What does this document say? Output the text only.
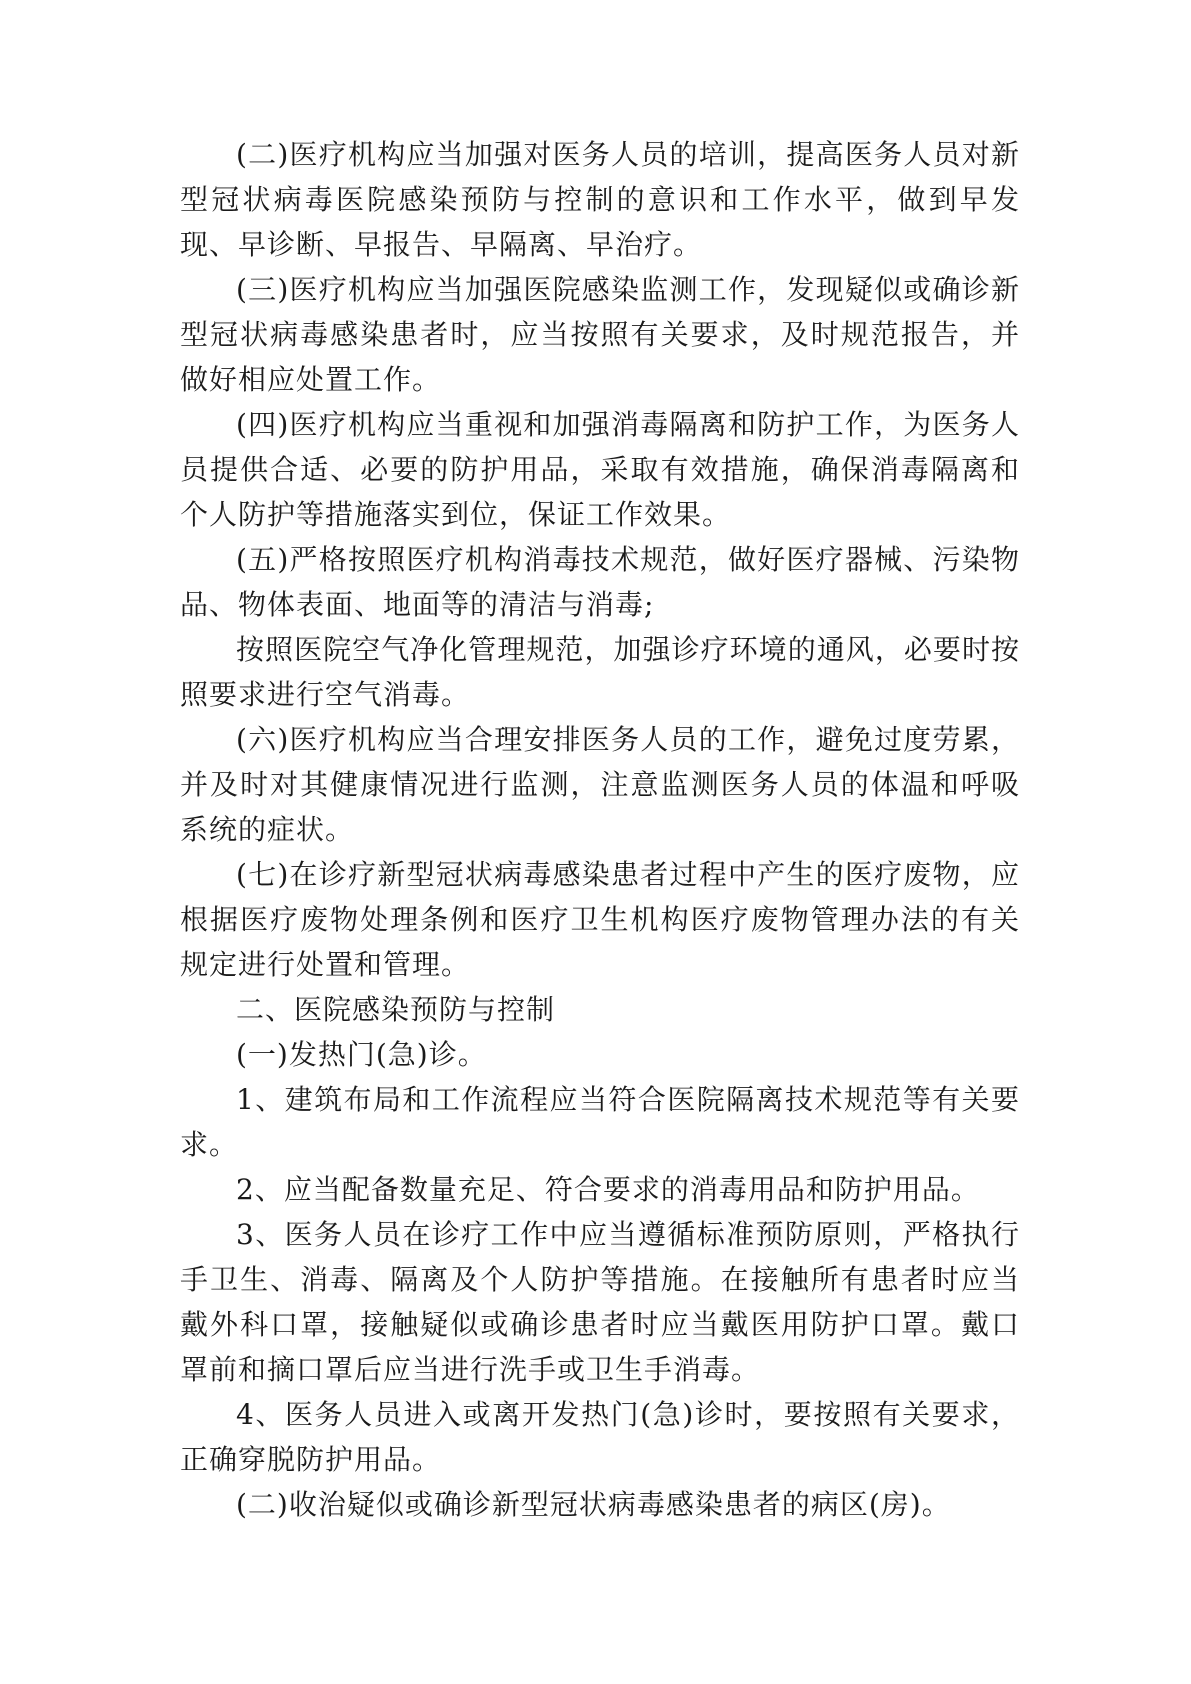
(二)医疗机构应当加强对医务人员的培训，提高医务人员对新型冠状病毒医院感染预防与控制的意识和工作水平，做到早发现、早诊断、早报告、早隔离、早治疗。

(三)医疗机构应当加强医院感染监测工作，发现疑似或确诊新型冠状病毒感染患者时，应当按照有关要求，及时规范报告，并做好相应处置工作。

(四)医疗机构应当重视和加强消毒隔离和防护工作，为医务人员提供合适、必要的防护用品，采取有效措施，确保消毒隔离和个人防护等措施落实到位，保证工作效果。

(五)严格按照医疗机构消毒技术规范，做好医疗器械、污染物品、物体表面、地面等的清洁与消毒;

按照医院空气净化管理规范，加强诊疗环境的通风，必要时按照要求进行空气消毒。

(六)医疗机构应当合理安排医务人员的工作，避免过度劳累，并及时对其健康情况进行监测，注意监测医务人员的体温和呼吸系统的症状。

(七)在诊疗新型冠状病毒感染患者过程中产生的医疗废物，应根据医疗废物处理条例和医疗卫生机构医疗废物管理办法的有关规定进行处置和管理。

二、医院感染预防与控制

(一)发热门(急)诊。

1、建筑布局和工作流程应当符合医院隔离技术规范等有关要求。

2、应当配备数量充足、符合要求的消毒用品和防护用品。

3、医务人员在诊疗工作中应当遵循标准预防原则，严格执行手卫生、消毒、隔离及个人防护等措施。在接触所有患者时应当戴外科口罩，接触疑似或确诊患者时应当戴医用防护口罩。戴口罩前和摘口罩后应当进行洗手或卫生手消毒。

4、医务人员进入或离开发热门(急)诊时，要按照有关要求，正确穿脱防护用品。

(二)收治疑似或确诊新型冠状病毒感染患者的病区(房)。
